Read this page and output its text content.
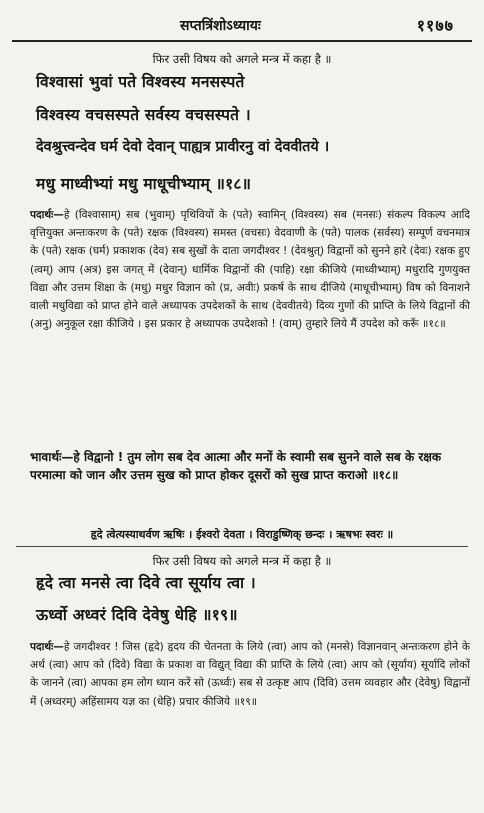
सप्तत्रिंशोऽध्यायः	११७७
फिर उसी विषय को अगले मन्त्र में कहा है ॥
विश्वासां भुवां पते विश्वस्य मनसस्पते
विश्वस्य वचसस्पते सर्वस्य वचसस्पते ।
देवश्रुत्त्वन्देव घर्म देवो देवान् पाह्यत्र प्रावीरनु वां देववीतये ।
मधु माध्वीभ्यां मधु माधूचीभ्याम् ॥१८॥
पदार्थः—हे (विश्वासाम्) सब (भुवाम्) पृथिवियों के (पते) स्वामिन् (विश्वस्य) सब (मनसः) संकल्प विकल्प आदि वृत्तियुक्त अन्तःकरण के (पते) रक्षक (विश्वस्य) समस्त (वचसः) वेदवाणी के (पते) पालक (सर्वस्य) सम्पूर्ण वचनमात्र के (पते) रक्षक (घर्म) प्रकाशक (देव) सब सुखों के दाता जगदीश्वर ! (देवश्रुत्) विद्वानों को सुनने हारे (देवः) रक्षक हुए (त्वम्) आप (अत्र) इस जगत् में (देवान्) धार्मिक विद्वानों की (पाहि) रक्षा कीजिये (माध्वीभ्याम्) मधुरादि गुणयुक्त विद्या और उत्तम शिक्षा के (मधु) मधुर विज्ञान को (प्र, अवीः) प्रकर्ष के साथ दीजिये (माधूचीभ्याम्) विष को विनाशने वाली मधुविद्या को प्राप्त होने वाले अध्यापक उपदेशकों के साथ (देववीतये) दिव्य गुणों की प्राप्ति के लिये विद्वानों की (अनु) अनुकूल रक्षा कीजिये । इस प्रकार हे अध्यापक उपदेशको ! (वाम्) तुम्हारे लिये मैं उपदेश को करूँ ॥१८॥
भावार्थः—हे विद्वानो ! तुम लोग सब देव आत्मा और मनों के स्वामी सब सुनने वाले सब के रक्षक परमात्मा को जान और उत्तम सुख को प्राप्त होकर दूसरों को सुख प्राप्त कराओ ॥१८॥
हृदे त्वेत्यस्याथर्वण ऋषिः । ईश्वरो देवता । विराडुष्णिक् छन्दः । ऋषभः स्वरः ॥
फिर उसी विषय को अगले मन्त्र में कहा है ॥
हृदे त्वा मनसे त्वा दिवे त्वा सूर्याय त्वा ।
ऊर्ध्वो अध्वरं दिवि देवेषु धेहि ॥१९॥
पदार्थः—हे जगदीश्वर ! जिस (हृदे) हृदय की चेतनता के लिये (त्वा) आप को (मनसे) विज्ञानवान् अन्तःकरण होने के अर्थ (त्वा) आप को (दिवे) विद्या के प्रकाश वा विद्युत् विद्या की प्राप्ति के लिये (त्वा) आप को (सूर्याय) सूर्यादि लोकों के जानने (त्वा) आपका हम लोग ध्यान करें सो (ऊर्ध्वः) सब से उत्कृष्ट आप (दिवि) उत्तम व्यवहार और (देवेषु) विद्वानों में (अध्वरम्) अहिंसामय यज्ञ का (धेहि) प्रचार कीजिये ॥१९॥
